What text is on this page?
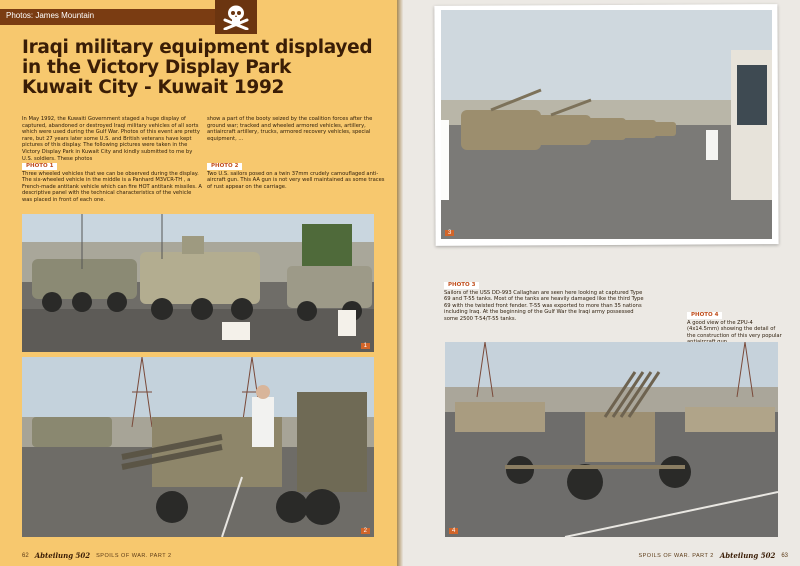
Photos: James Mountain
Iraqi military equipment displayed
in the Victory Display Park
Kuwait City - Kuwait 1992
In May 1992, the Kuwaiti Government staged a huge display of captured, abandoned or destroyed Iraqi military vehicles of all sorts which were used during the Gulf War. Photos of this event are pretty rare, but 27 years later some U.S. and British veterans have kept pictures of this display. The following pictures were taken in the Victory Display Park in Kuwait City and kindly submitted to me by U.S. soldiers. These photos
show a part of the booty seized by the coalition forces after the ground war; tracked and wheeled armored vehicles, artillery, antiaircraft artillery, trucks, armored recovery vehicles, special equipment, ...
PHOTO 1
Three wheeled vehicles that we can be observed during the display. The six-wheeled vehicle in the middle is a Panhard M3VCR-TH , a French-made antitank vehicle which can fire HOT antitank missiles. A descriptive panel with the technical characteristics of the vehicle was placed in front of each one.
PHOTO 2
Two U.S. sailors posed on a twin 37mm crudely camouflaged anti-aircraft gun. This AA gun is not very well maintained as some traces of rust appear on the carriage.
1
2
62 Abteilung 502 SPOILS OF WAR. PART 2
3
PHOTO 3
Sailors of the USS DD-993 Callaghan are seen here looking at captured Type 69 and T-55 tanks. Most of the tanks are heavily damaged like the third Type 69 with the twisted front fender. T-55 was exported to more than 35 nations including Iraq. At the beginning of the Gulf War the Iraqi army possessed some 2500 T-54/T-55 tanks.
PHOTO 4
A good view of the ZPU-4 (4x14.5mm) showing the detail of the construction of this very popular
4
SPOILS OF WAR. PART 2 Abteilung 502 63
